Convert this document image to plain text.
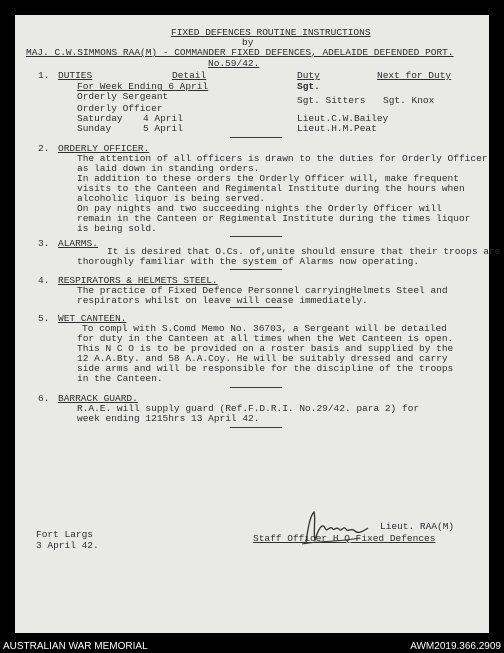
FIXED DEFENCES ROUTINE INSTRUCTIONS
by
MAJ. C.W.SIMMONS RAA(M) - COMMANDER FIXED DEFENCES, ADELAIDE DEFENDED PORT.
No.59/42.
1. DUTIES	Detail	Duty	Next for Duty
For Week Ending 6 April	Sgt.
Orderly Sergeant	Sgt. Sitters Sgt. Knox
Orderly Officer
Saturday 4 April	Lieut.C.W.Bailey
Sunday	5 April	Lieut.H.M.Peat
2. ORDERLY OFFICER.
The attention of all officers is drawn to the duties for Orderly Officer
as laid down in standing orders.
In addition to these orders the Orderly Officer will, make frequent
visits to the Canteen and Regimental Institute during the hours when
alcoholic liquor is being served.
On pay nights and two succeeding nights the Orderly Officer will
remain in the Canteen or Regimental Institute during the times liquor
is being sold.
3. ALARMS.
It is desired that O.Cs. of,unite should ensure that their troops are
thoroughly familiar with the system of Alarms now operating.
4. RESPIRATORS & HELMETS STEEL.
The practice of Fixed Defence Personnel carryingHelmets Steel and
respirators whilst on leave will cease immediately.
5. WET CANTEEN.
To compl with S.Comd Memo No. 36703, a Sergeant will be detailed
for duty in the Canteen at all times when the Wet Canteen is open.
This N C O is to be provided on a roster basis and supplied by the
12 A.A.Bty. and 58 A.A.Coy. He will be suitably dressed and carry
side arms and will be responsible for the discipline of the troops
in the Canteen.
6. BARRACK GUARD.
R.A.E. will supply guard (Ref.F.D.R.I. No.29/42. para 2) for
week ending 1215hrs 13 April 42.
Fort Largs
3 April 42.
Lieut. RAA(M)
Staff Officer H Q Fixed Defences
AUSTRALIAN WAR MEMORIAL	AWM2019.366.2909
